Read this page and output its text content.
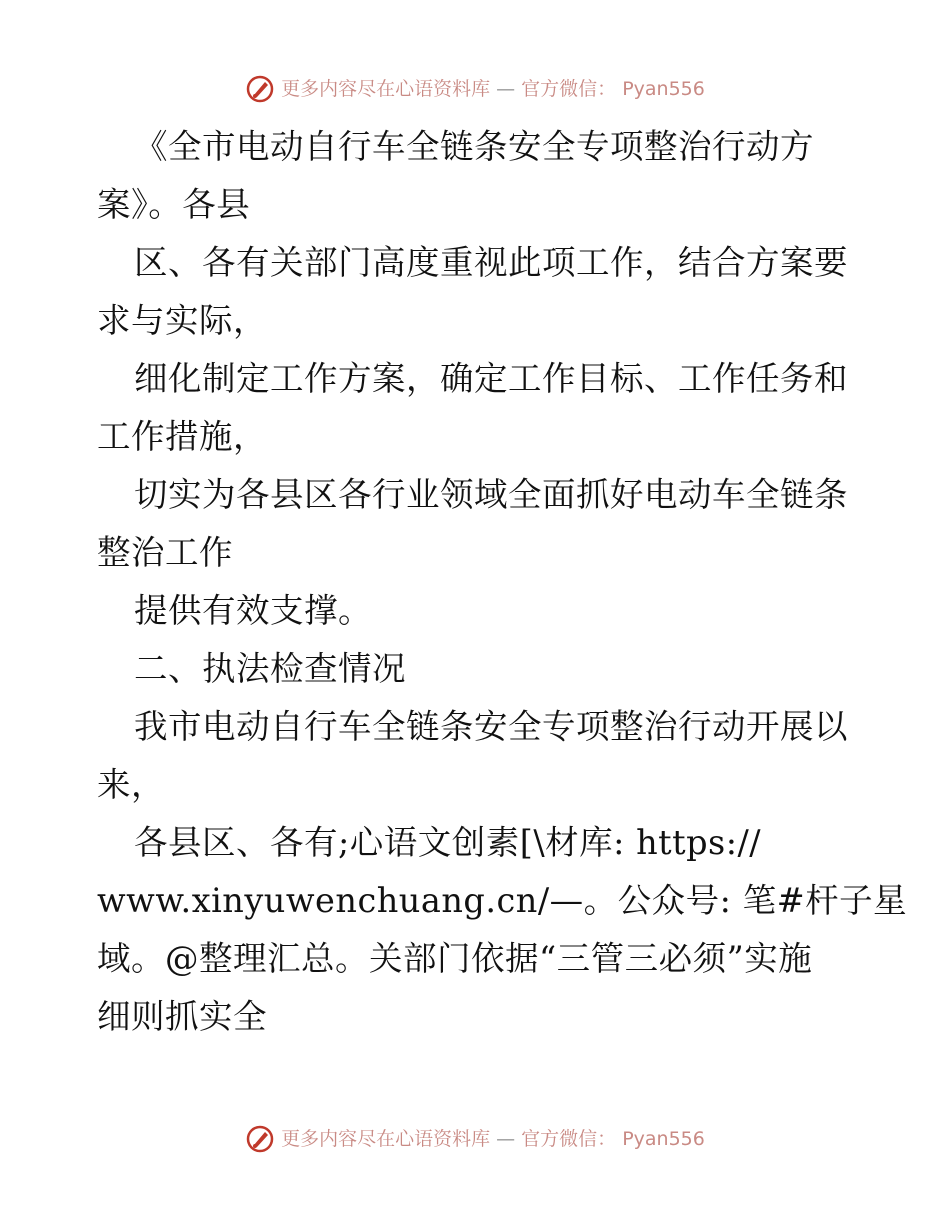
更多内容尽在心语资料库 — 官方微信： Pyan556
《全市电动自行车全链条安全专项整治行动方
案》。各县
区、各有关部门高度重视此项工作，结合方案要
求与实际，
细化制定工作方案，确定工作目标、工作任务和
工作措施，
切实为各县区各行业领域全面抓好电动车全链条
整治工作
提供有效支撑。
二、执法检查情况
我市电动自行车全链条安全专项整治行动开展以
来，
各县区、各有;心语文创素[\材库: https://
www.xinyuwenchuang.cn/—。公众号: 笔#杆子星
域。@整理汇总。关部门依据“三管三必须”实施
细则抓实全
更多内容尽在心语资料库 — 官方微信： Pyan556
